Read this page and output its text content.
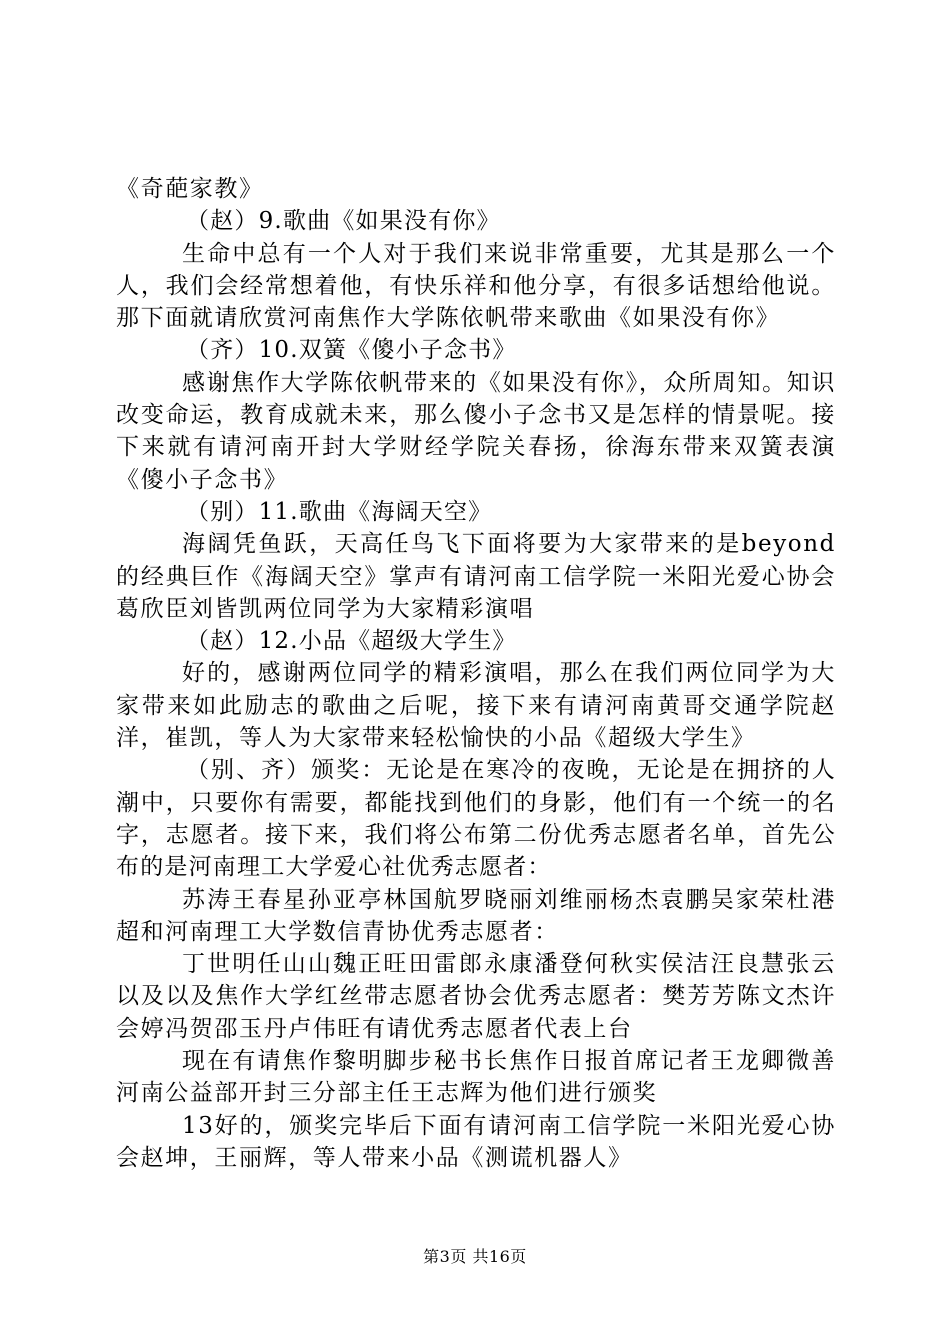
《奇葩家教》

（赵）9.歌曲《如果没有你》

生命中总有一个人对于我们来说非常重要，尤其是那么一个人，我们会经常想着他，有快乐祥和他分享，有很多话想给他说。那下面就请欣赏河南焦作大学陈依帆带来歌曲《如果没有你》

（齐）10.双簧《傻小子念书》

感谢焦作大学陈依帆带来的《如果没有你》，众所周知。知识改变命运，教育成就未来，那么傻小子念书又是怎样的情景呢。接下来就有请河南开封大学财经学院关春扬，徐海东带来双簧表演《傻小子念书》

（别）11.歌曲《海阔天空》

海阔凭鱼跃，天高任鸟飞下面将要为大家带来的是beyond的经典巨作《海阔天空》掌声有请河南工信学院一米阳光爱心协会葛欣臣刘皆凯两位同学为大家精彩演唱

（赵）12.小品《超级大学生》

好的，感谢两位同学的精彩演唱，那么在我们两位同学为大家带来如此励志的歌曲之后呢，接下来有请河南黄哥交通学院赵洋，崔凯，等人为大家带来轻松愉快的小品《超级大学生》

（别、齐）颁奖：无论是在寒冷的夜晚，无论是在拥挤的人潮中，只要你有需要，都能找到他们的身影，他们有一个统一的名字，志愿者。接下来，我们将公布第二份优秀志愿者名单，首先公布的是河南理工大学爱心社优秀志愿者：

苏涛王春星孙亚亭林国航罗晓丽刘维丽杨杰袁鹏吴家荣杜港超和河南理工大学数信青协优秀志愿者：

丁世明任山山魏正旺田雷郎永康潘登何秋实侯洁汪良慧张云以及以及焦作大学红丝带志愿者协会优秀志愿者：樊芳芳陈文杰许会婷冯贺邵玉丹卢伟旺有请优秀志愿者代表上台

现在有请焦作黎明脚步秘书长焦作日报首席记者王龙卿微善河南公益部开封三分部主任王志辉为他们进行颁奖

13好的，颁奖完毕后下面有请河南工信学院一米阳光爱心协会赵坤，王丽辉，等人带来小品《测谎机器人》

第3页 共16页
